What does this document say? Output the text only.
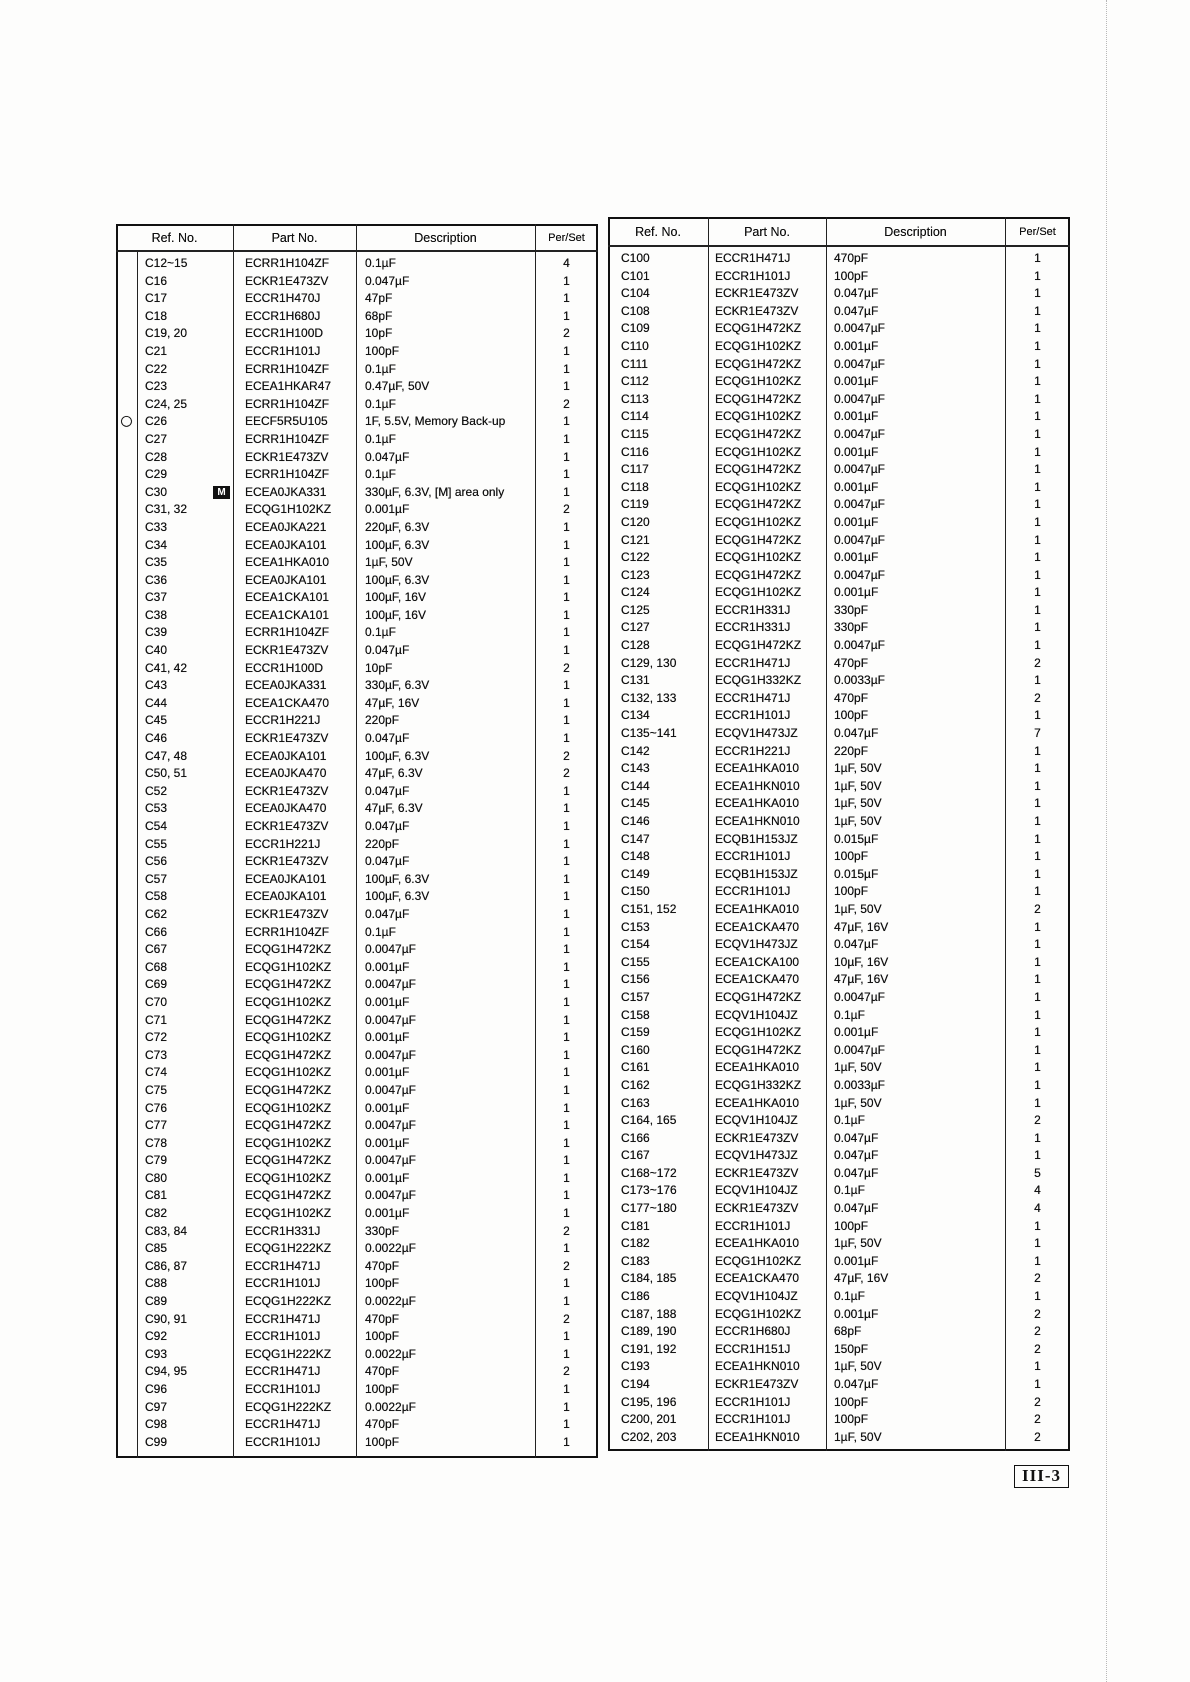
Ref. No.	Part No.	Description	Per/Set
C12~15	ECRR1H104ZF	0.1µF	4
C16	ECKR1E473ZV	0.047µF	1
C17	ECCR1H470J	47pF	1
C18	ECCR1H680J	68pF	1
C19, 20	ECCR1H100D	10pF	2
C21	ECCR1H101J	100pF	1
C22	ECRR1H104ZF	0.1µF	1
C23	ECEA1HKAR47	0.47µF, 50V	1
C24, 25	ECRR1H104ZF	0.1µF	2
○	C26	EECF5R5U105	1F, 5.5V, Memory Back-up	1
C27	ECRR1H104ZF	0.1µF	1
C28	ECKR1E473ZV	0.047µF	1
C29	ECRR1H104ZF	0.1µF	1
C30	M	ECEA0JKA331	330µF, 6.3V, [M] area only	1
C31, 32	ECQG1H102KZ	0.001µF	2
C33	ECEA0JKA221	220µF, 6.3V	1
C34	ECEA0JKA101	100µF, 6.3V	1
C35	ECEA1HKA010	1µF, 50V	1
C36	ECEA0JKA101	100µF, 6.3V	1
C37	ECEA1CKA101	100µF, 16V	1
C38	ECEA1CKA101	100µF, 16V	1
C39	ECRR1H104ZF	0.1µF	1
C40	ECKR1E473ZV	0.047µF	1
C41, 42	ECCR1H100D	10pF	2
C43	ECEA0JKA331	330µF, 6.3V	1
C44	ECEA1CKA470	47µF, 16V	1
C45	ECCR1H221J	220pF	1
C46	ECKR1E473ZV	0.047µF	1
C47, 48	ECEA0JKA101	100µF, 6.3V	2
C50, 51	ECEA0JKA470	47µF, 6.3V	2
C52	ECKR1E473ZV	0.047µF	1
C53	ECEA0JKA470	47µF, 6.3V	1
C54	ECKR1E473ZV	0.047µF	1
C55	ECCR1H221J	220pF	1
C56	ECKR1E473ZV	0.047µF	1
C57	ECEA0JKA101	100µF, 6.3V	1
C58	ECEA0JKA101	100µF, 6.3V	1
C62	ECKR1E473ZV	0.047µF	1
C66	ECRR1H104ZF	0.1µF	1
C67	ECQG1H472KZ	0.0047µF	1
C68	ECQG1H102KZ	0.001µF	1
C69	ECQG1H472KZ	0.0047µF	1
C70	ECQG1H102KZ	0.001µF	1
C71	ECQG1H472KZ	0.0047µF	1
C72	ECQG1H102KZ	0.001µF	1
C73	ECQG1H472KZ	0.0047µF	1
C74	ECQG1H102KZ	0.001µF	1
C75	ECQG1H472KZ	0.0047µF	1
C76	ECQG1H102KZ	0.001µF	1
C77	ECQG1H472KZ	0.0047µF	1
C78	ECQG1H102KZ	0.001µF	1
C79	ECQG1H472KZ	0.0047µF	1
C80	ECQG1H102KZ	0.001µF	1
C81	ECQG1H472KZ	0.0047µF	1
C82	ECQG1H102KZ	0.001µF	1
C83, 84	ECCR1H331J	330pF	2
C85	ECQG1H222KZ	0.0022µF	1
C86, 87	ECCR1H471J	470pF	2
C88	ECCR1H101J	100pF	1
C89	ECQG1H222KZ	0.0022µF	1
C90, 91	ECCR1H471J	470pF	2
C92	ECCR1H101J	100pF	1
C93	ECQG1H222KZ	0.0022µF	1
C94, 95	ECCR1H471J	470pF	2
C96	ECCR1H101J	100pF	1
C97	ECQG1H222KZ	0.0022µF	1
C98	ECCR1H471J	470pF	1
C99	ECCR1H101J	100pF	1
Ref. No.	Part No.	Description	Per/Set
C100	ECCR1H471J	470pF	1
C101	ECCR1H101J	100pF	1
C104	ECKR1E473ZV	0.047µF	1
C108	ECKR1E473ZV	0.047µF	1
C109	ECQG1H472KZ	0.0047µF	1
C110	ECQG1H102KZ	0.001µF	1
C111	ECQG1H472KZ	0.0047µF	1
C112	ECQG1H102KZ	0.001µF	1
C113	ECQG1H472KZ	0.0047µF	1
C114	ECQG1H102KZ	0.001µF	1
C115	ECQG1H472KZ	0.0047µF	1
C116	ECQG1H102KZ	0.001µF	1
C117	ECQG1H472KZ	0.0047µF	1
C118	ECQG1H102KZ	0.001µF	1
C119	ECQG1H472KZ	0.0047µF	1
C120	ECQG1H102KZ	0.001µF	1
C121	ECQG1H472KZ	0.0047µF	1
C122	ECQG1H102KZ	0.001µF	1
C123	ECQG1H472KZ	0.0047µF	1
C124	ECQG1H102KZ	0.001µF	1
C125	ECCR1H331J	330pF	1
C127	ECCR1H331J	330pF	1
C128	ECQG1H472KZ	0.0047µF	1
C129, 130	ECCR1H471J	470pF	2
C131	ECQG1H332KZ	0.0033µF	1
C132, 133	ECCR1H471J	470pF	2
C134	ECCR1H101J	100pF	1
C135~141	ECQV1H473JZ	0.047µF	7
C142	ECCR1H221J	220pF	1
C143	ECEA1HKA010	1µF, 50V	1
C144	ECEA1HKN010	1µF, 50V	1
C145	ECEA1HKA010	1µF, 50V	1
C146	ECEA1HKN010	1µF, 50V	1
C147	ECQB1H153JZ	0.015µF	1
C148	ECCR1H101J	100pF	1
C149	ECQB1H153JZ	0.015µF	1
C150	ECCR1H101J	100pF	1
C151, 152	ECEA1HKA010	1µF, 50V	2
C153	ECEA1CKA470	47µF, 16V	1
C154	ECQV1H473JZ	0.047µF	1
C155	ECEA1CKA100	10µF, 16V	1
C156	ECEA1CKA470	47µF, 16V	1
C157	ECQG1H472KZ	0.0047µF	1
C158	ECQV1H104JZ	0.1µF	1
C159	ECQG1H102KZ	0.001µF	1
C160	ECQG1H472KZ	0.0047µF	1
C161	ECEA1HKA010	1µF, 50V	1
C162	ECQG1H332KZ	0.0033µF	1
C163	ECEA1HKA010	1µF, 50V	1
C164, 165	ECQV1H104JZ	0.1µF	2
C166	ECKR1E473ZV	0.047µF	1
C167	ECQV1H473JZ	0.047µF	1
C168~172	ECKR1E473ZV	0.047µF	5
C173~176	ECQV1H104JZ	0.1µF	4
C177~180	ECKR1E473ZV	0.047µF	4
C181	ECCR1H101J	100pF	1
C182	ECEA1HKA010	1µF, 50V	1
C183	ECQG1H102KZ	0.001µF	1
C184, 185	ECEA1CKA470	47µF, 16V	2
C186	ECQV1H104JZ	0.1µF	1
C187, 188	ECQG1H102KZ	0.001µF	2
C189, 190	ECCR1H680J	68pF	2
C191, 192	ECCR1H151J	150pF	2
C193	ECEA1HKN010	1µF, 50V	1
C194	ECKR1E473ZV	0.047µF	1
C195, 196	ECCR1H101J	100pF	2
C200, 201	ECCR1H101J	100pF	2
C202, 203	ECEA1HKN010	1µF, 50V	2
III-3
